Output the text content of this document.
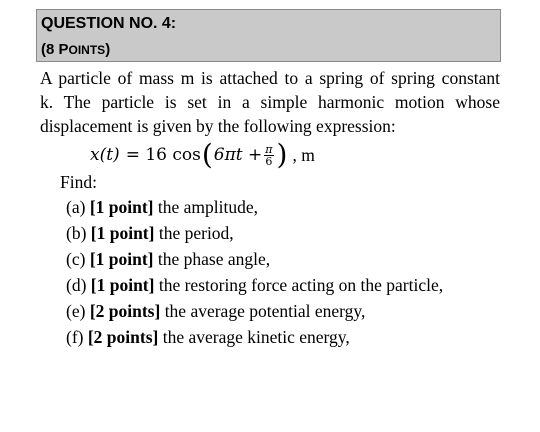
QUESTION NO. 4:
(8 POINTS)
A particle of mass m is attached to a spring of spring constant
k. The particle is set in a simple harmonic motion whose
displacement is given by the following expression:
x(t) = 16 cos ( $6\pi t + \frac{\pi}{6}$ ) , m
Find:
(a) [1 point] the amplitude,
(b) [1 point] the period,
(c) [1 point] the phase angle,
(d) [1 point] the restoring force acting on the particle,
(e) [2 points] the average potential energy,
(f) [2 points] the average kinetic energy,
